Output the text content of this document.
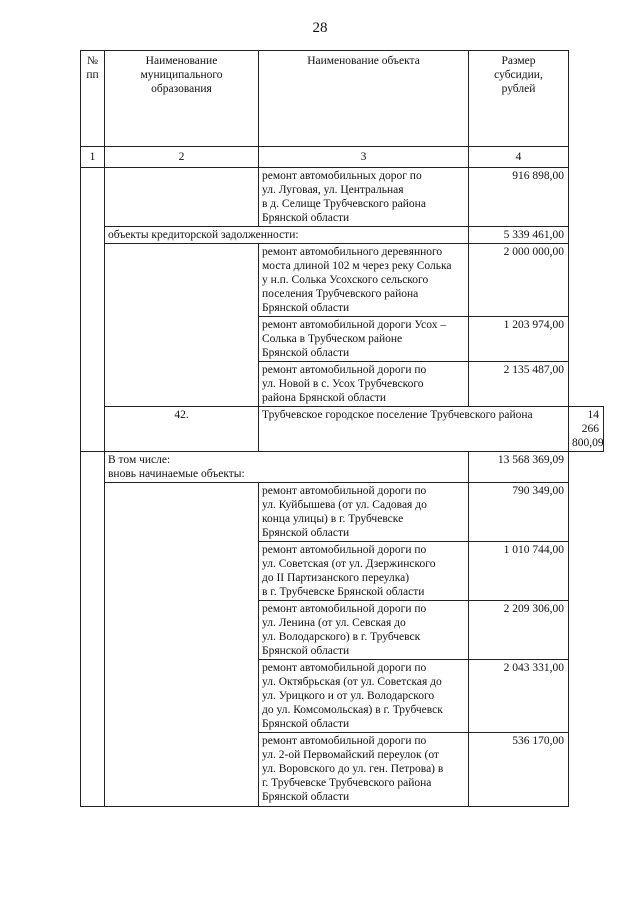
28
№
пп	Наименование
муниципального
образования	Наименование объекта	Размер
субсидии,
рублей	
1	2	3	4	
		ремонт автомобильных дорог по
ул. Луговая, ул. Центральная
в д. Селище Трубчевского района
Брянской области	916 898,00	
	объекты кредиторской задолженности:		5 339 461,00	
		ремонт автомобильного деревянного
моста длиной 102 м через реку Солька
у н.п. Солька Усохского сельского
поселения Трубчевского района
Брянской области	2 000 000,00	
		ремонт автомобильной дороги Усох –
Солька в Трубческом районе
Брянской области	1 203 974,00	
		ремонт автомобильной дороги по
ул. Новой в с. Усох Трубчевского
района Брянской области	2 135 487,00	
	42.	Трубчевское городское поселение Трубчевского района		14 266 800,09
	В том числе:
вновь начинаемые объекты:		13 568 369,09	
		ремонт автомобильной дороги по
ул. Куйбышева (от ул. Садовая до
конца улицы) в г. Трубчевске
Брянской области	790 349,00	
		ремонт автомобильной дороги по
ул. Советская (от ул. Дзержинского
до II Партизанского переулка)
в г. Трубчевске Брянской области	1 010 744,00	
		ремонт автомобильной дороги по
ул. Ленина (от ул. Севская до
ул. Володарского) в г. Трубчевск
Брянской области	2 209 306,00	
		ремонт автомобильной дороги по
ул. Октябрьская (от ул. Советская до
ул. Урицкого и от ул. Володарского
до ул. Комсомольская) в г. Трубчевск
Брянской области	2 043 331,00	
		ремонт автомобильной дороги по
ул. 2-ой Первомайский переулок (от
ул. Воровского до ул. ген. Петрова) в
г. Трубчевске Трубчевского района
Брянской области	536 170,00	
